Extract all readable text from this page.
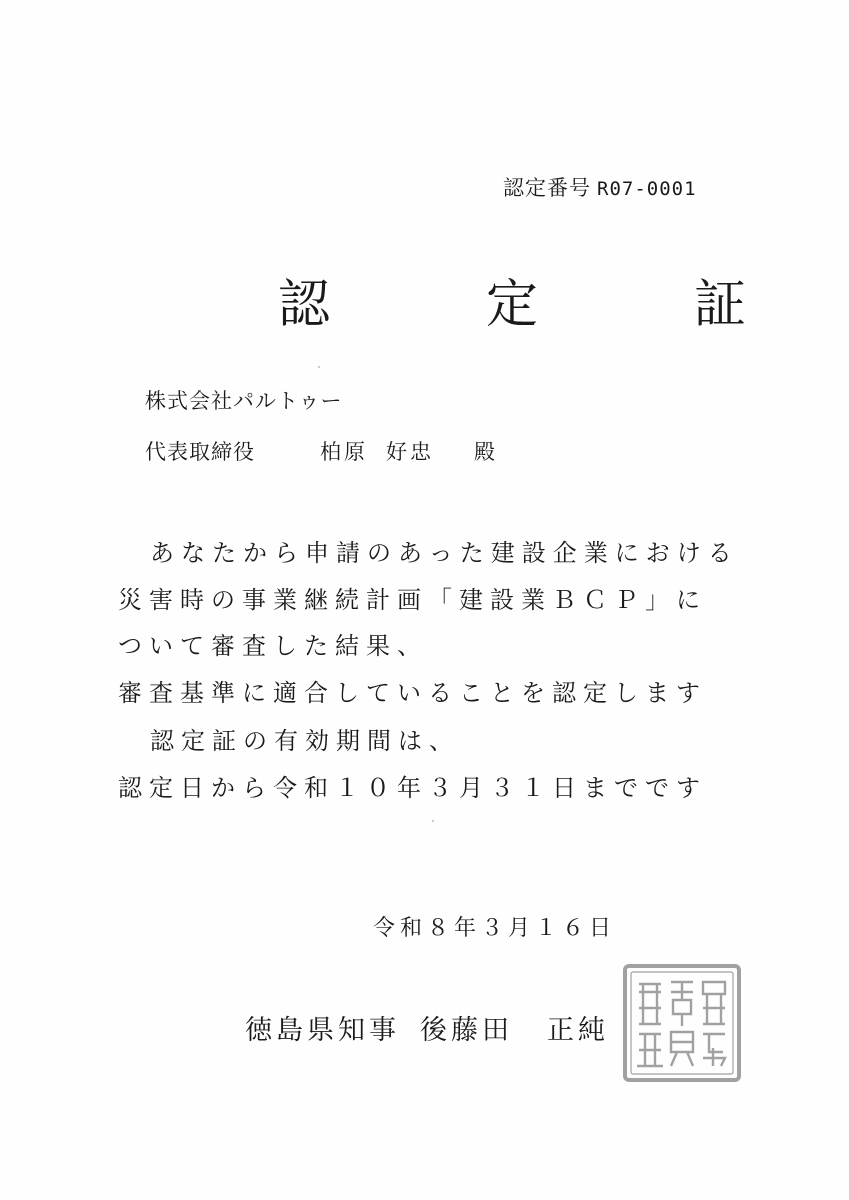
認定番号 R07-0001
認　定　証
株式会社パルトゥー
代表取締役	柏原 好忠 殿
あなたから申請のあった建設企業における
災害時の事業継続計画「建設業ＢＣＰ」に
ついて審査した結果、
審査基準に適合していることを認定します
認定証の有効期間は、
認定日から令和１０年３月３１日までです
令和８年３月１６日
徳島県知事 後藤田 正純
